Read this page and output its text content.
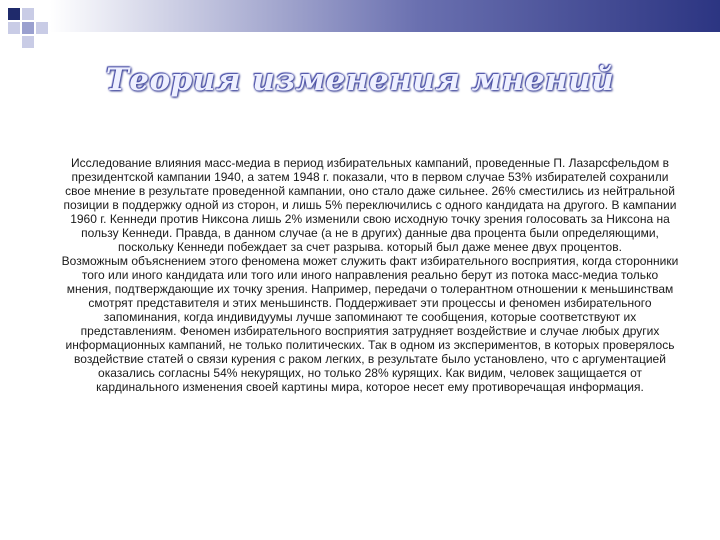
Теория изменения мнений

Исследование влияния масс-медиа в период избирательных кампаний, проведенные П. Лазарсфельдом в президентской кампании 1940, а затем 1948 г. показали, что в первом случае 53% избирателей сохранили свое мнение в результате проведенной кампании, оно стало даже сильнее. 26% сместились из нейтральной позиции в поддержку одной из сторон, и лишь 5% переключились с одного кандидата на другого. В кампании 1960 г. Кеннеди против Никсона лишь 2% изменили свою исходную точку зрения голосовать за Никсона на пользу Кеннеди. Правда, в данном случае (а не в других) данные два процента были определяющими, поскольку Кеннеди побеждает за счет разрыва. который был даже менее двух процентов.

Возможным объяснением этого феномена может служить факт избирательного восприятия, когда сторонники того или иного кандидата или того или иного направления реально берут из потока масс-медиа только мнения, подтверждающие их точку зрения. Например, передачи о толерантном отношении к меньшинствам смотрят представителя и этих меньшинств. Поддерживает эти процессы и феномен избирательного запоминания, когда индивидуумы лучше запоминают те сообщения, которые соответствуют их представлениям. Феномен избирательного восприятия затрудняет воздействие и случае любых других информационных кампаний, не только политических. Так в одном из экспериментов, в которых проверялось воздействие статей о связи курения с раком легких, в результате было установлено, что с аргументацией оказались согласны 54% некурящих, но только 28% курящих. Как видим, человек защищается от кардинального изменения своей картины мира, которое несет ему противоречащая информация.
